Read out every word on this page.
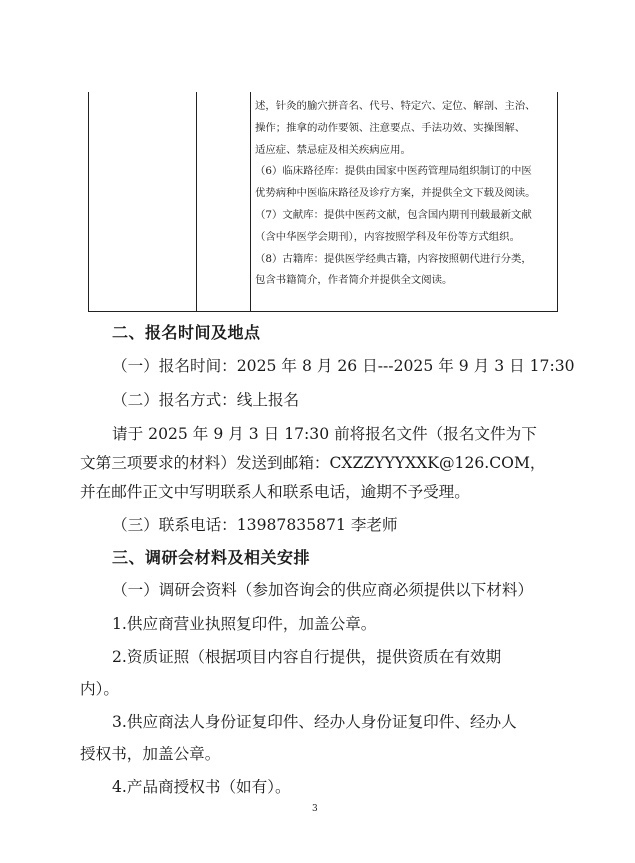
述，针灸的腧穴拼音名、代号、特定穴、定位、解剖、主治、

操作；推拿的动作要领、注意要点、手法功效、实操图解、

适应症、禁忌症及相关疾病应用。

（6）临床路径库：提供由国家中医药管理局组织制订的中医

优势病种中医临床路径及诊疗方案，并提供全文下载及阅读。

（7）文献库：提供中医药文献，包含国内期刊刊载最新文献

（含中华医学会期刊），内容按照学科及年份等方式组织。

（8）古籍库：提供医学经典古籍，内容按照朝代进行分类，

包含书籍简介，作者简介并提供全文阅读。

二、报名时间及地点
（一）报名时间：2025 年 8 月 26 日---2025 年 9 月 3 日 17:30
（二）报名方式：线上报名
请于 2025 年 9 月 3 日 17:30 前将报名文件（报名文件为下
文第三项要求的材料）发送到邮箱：CXZZYYYXXK@126.COM，
并在邮件正文中写明联系人和联系电话，逾期不予受理。
（三）联系电话：13987835871 李老师
三、调研会材料及相关安排
（一）调研会资料（参加咨询会的供应商必须提供以下材料）
1.供应商营业执照复印件，加盖公章。
2.资质证照（根据项目内容自行提供，提供资质在有效期
内）。
3.供应商法人身份证复印件、经办人身份证复印件、经办人
授权书，加盖公章。
4.产品商授权书（如有）。
3
